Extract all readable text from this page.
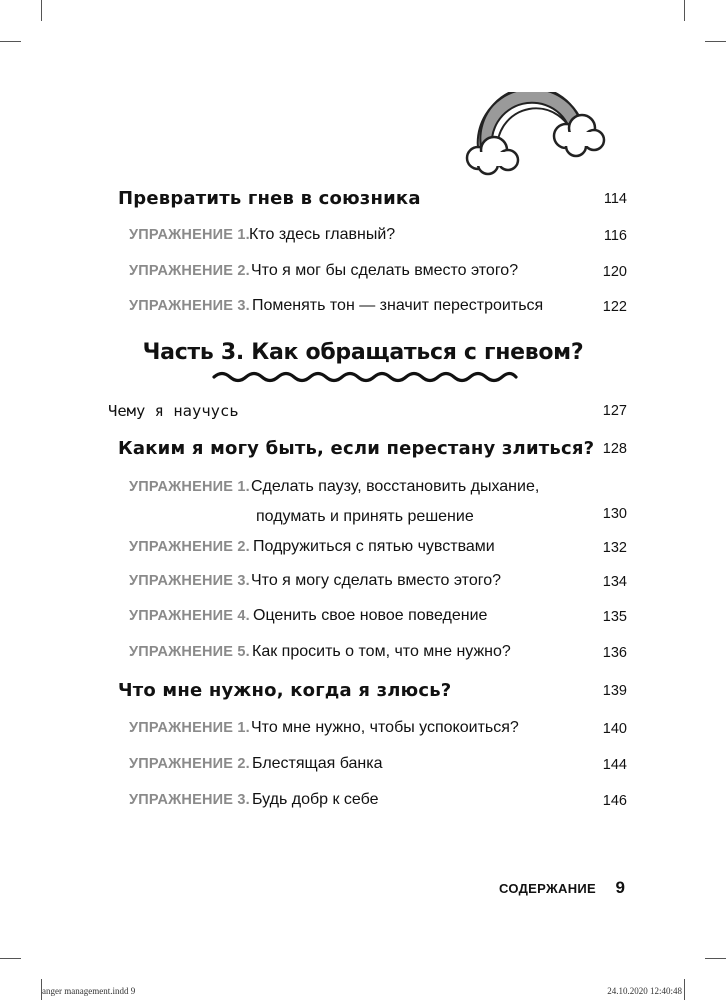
Превратить гнев в союзника	114
УПРАЖНЕНИЕ 1. Кто здесь главный?	116
УПРАЖНЕНИЕ 2. Что я мог бы сделать вместо этого?	120
УПРАЖНЕНИЕ 3. Поменять тон — значит перестроиться	122
Часть 3. Как обращаться с гневом?
Чему я научусь	127
Каким я могу быть, если перестану злиться? 128
УПРАЖНЕНИЕ 1. Сделать паузу, восстановить дыхание,
подумать и принять решение	130
УПРАЖНЕНИЕ 2. Подружиться с пятью чувствами	132
УПРАЖНЕНИЕ 3. Что я могу сделать вместо этого?	134
УПРАЖНЕНИЕ 4. Оценить свое новое поведение	135
УПРАЖНЕНИЕ 5. Как просить о том, что мне нужно?	136
Что мне нужно, когда я злюсь?	139
УПРАЖНЕНИЕ 1. Что мне нужно, чтобы успокоиться?	140
УПРАЖНЕНИЕ 2. Блестящая банка	144
УПРАЖНЕНИЕ 3. Будь добр к себе	146
СОДЕРЖАНИЕ 9
anger management.indd 9	24.10.2020 12:40:48
